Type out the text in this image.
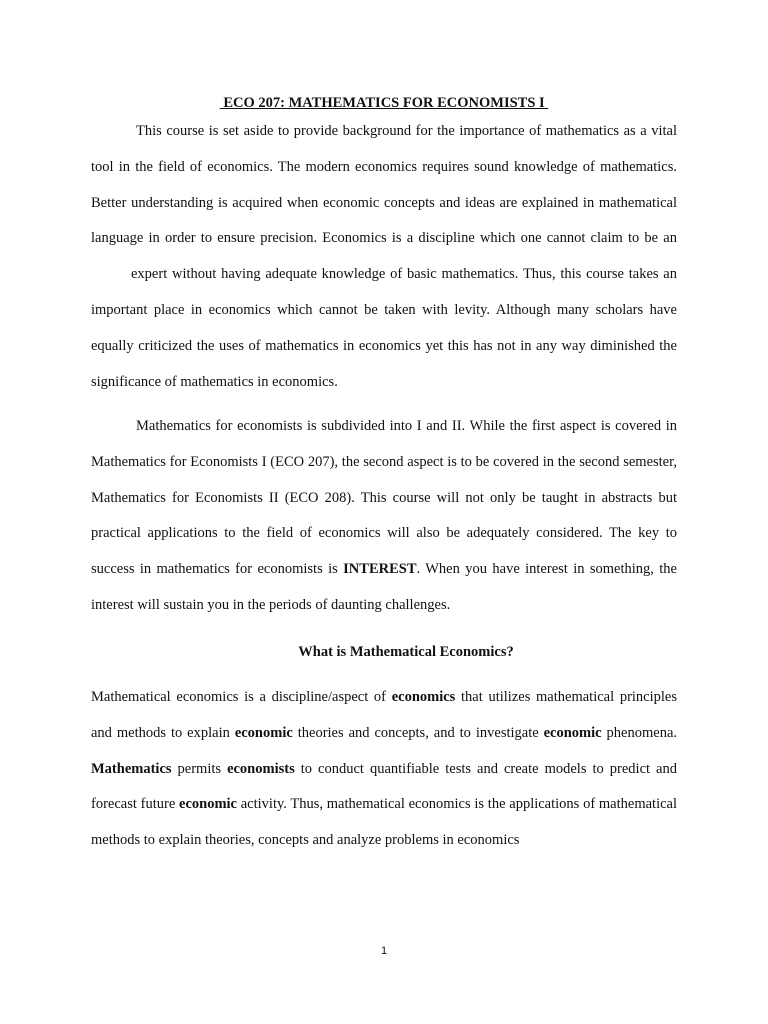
ECO 207: MATHEMATICS FOR ECONOMISTS I

This course is set aside to provide background for the importance of mathematics as a vital tool in the field of economics. The modern economics requires sound knowledge of mathematics. Better understanding is acquired when economic concepts and ideas are explained in mathematical language in order to ensure precision. Economics is a discipline which one cannot claim to be anexpert without having adequate knowledge of basic mathematics. Thus, this course takes an important place in economics which cannot be taken with levity. Although many scholars have equally criticized the uses of mathematics in economics yet this has not in any way diminished the significance of mathematics in economics.

Mathematics for economists is subdivided into I and II. While the first aspect is covered in Mathematics for Economists I (ECO 207), the second aspect is to be covered in the second semester, Mathematics for Economists II (ECO 208). This course will not only be taught in abstracts but practical applications to the field of economics will also be adequately considered. The key to success in mathematics for economists is INTEREST. When you have interest in something, the interest will sustain you in the periods of daunting challenges.

What is Mathematical Economics?

Mathematical economics is a discipline/aspect of economics that utilizes mathematical principles and methods to explain economic theories and concepts, and to investigate economic phenomena. Mathematics permits economists to conduct quantifiable tests and create models to predict and forecast future economic activity. Thus, mathematical economics is the applications of mathematical methods to explain theories, concepts and analyze problems in economics

1
